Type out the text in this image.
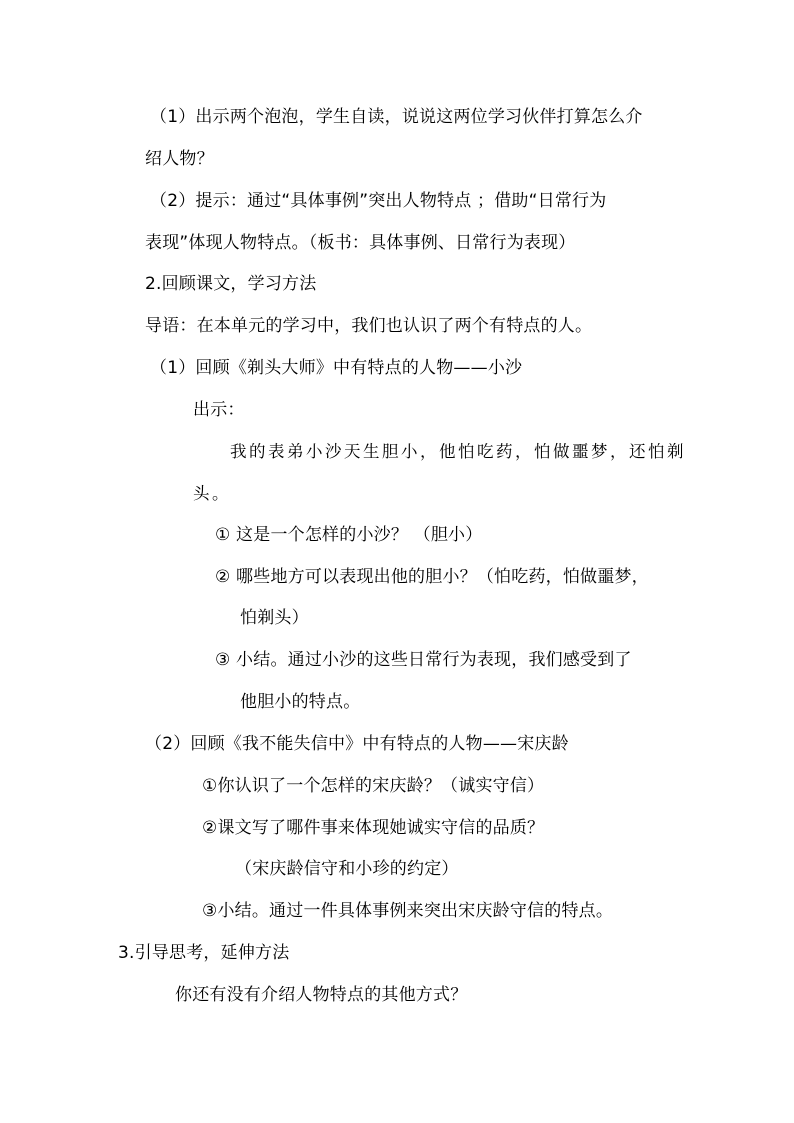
（1）出示两个泡泡，学生自读，说说这两位学习伙伴打算怎么介
绍人物？
（2）提示：通过“具体事例”突出人物特点 ；借助“日常行为
表现”体现人物特点。（板书：具体事例、日常行为表现）
2.回顾课文，学习方法
导语：在本单元的学习中，我们也认识了两个有特点的人。
（1）回顾《剃头大师》中有特点的人物——小沙
出示：
我的表弟小沙天生胆小，他怕吃药，怕做噩梦，还怕剃
头。
① 这是一个怎样的小沙？ （胆小）
② 哪些地方可以表现出他的胆小？（怕吃药，怕做噩梦，
怕剃头）
③ 小结。通过小沙的这些日常行为表现，我们感受到了
他胆小的特点。
（2）回顾《我不能失信中》中有特点的人物——宋庆龄
①你认识了一个怎样的宋庆龄？（诚实守信）
②课文写了哪件事来体现她诚实守信的品质？
（宋庆龄信守和小珍的约定）
③小结。通过一件具体事例来突出宋庆龄守信的特点。
3.引导思考，延伸方法
你还有没有介绍人物特点的其他方式？
